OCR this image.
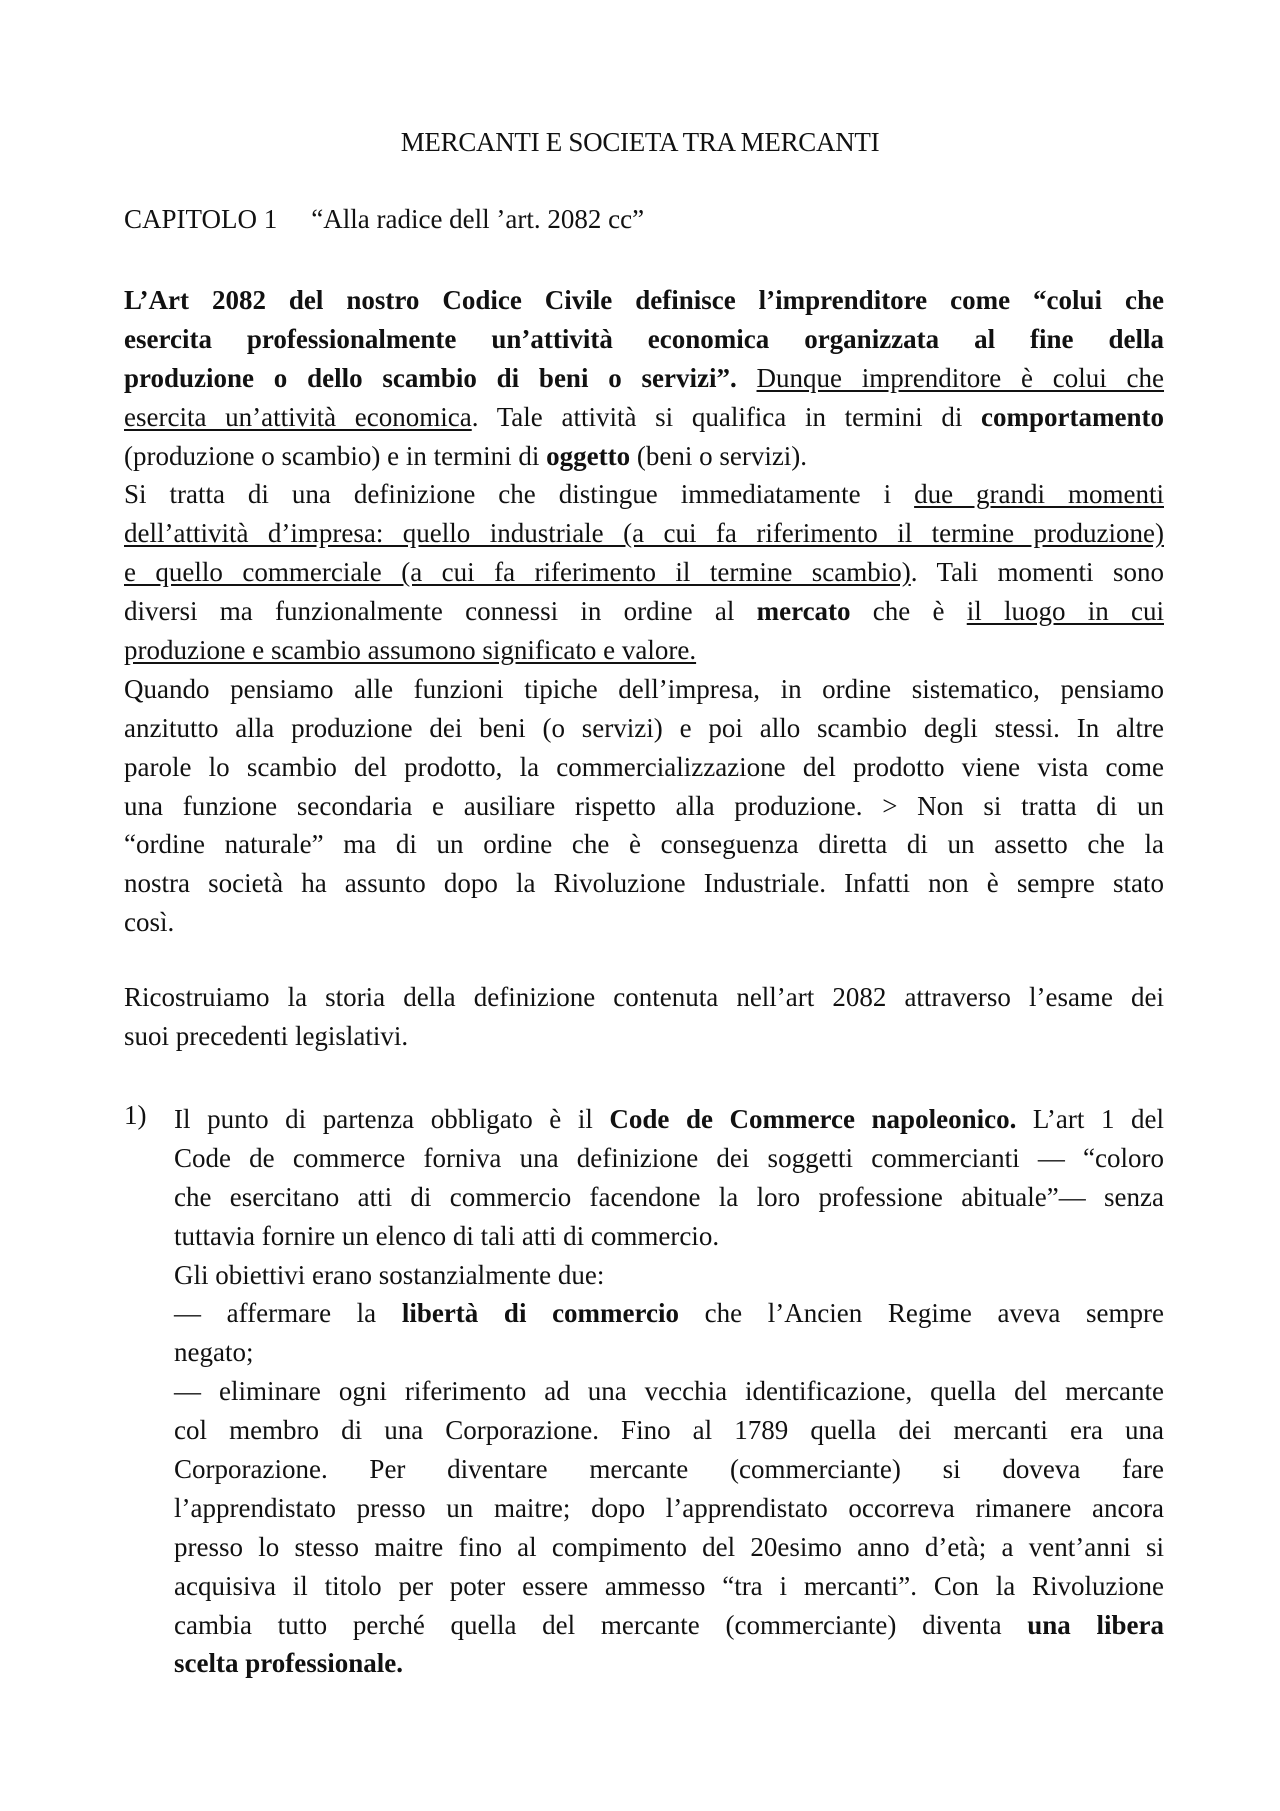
MERCANTI E SOCIETA TRA MERCANTI
CAPITOLO 1 “Alla radice dell ’art. 2082 cc”
L’Art 2082 del nostro Codice Civile definisce l’imprenditore come “colui che
esercita professionalmente un’attività economica organizzata al fine della
produzione o dello scambio di beni o servizi”. Dunque imprenditore è colui che
esercita un’attività economica. Tale attività si qualifica in termini di comportamento
(produzione o scambio) e in termini di oggetto (beni o servizi).
Si tratta di una definizione che distingue immediatamente i due grandi momenti
dell’attività d’impresa: quello industriale (a cui fa riferimento il termine produzione)
e quello commerciale (a cui fa riferimento il termine scambio). Tali momenti sono
diversi ma funzionalmente connessi in ordine al mercato che è il luogo in cui
produzione e scambio assumono significato e valore.
Quando pensiamo alle funzioni tipiche dell’impresa, in ordine sistematico, pensiamo
anzitutto alla produzione dei beni (o servizi) e poi allo scambio degli stessi. In altre
parole lo scambio del prodotto, la commercializzazione del prodotto viene vista come
una funzione secondaria e ausiliare rispetto alla produzione. > Non si tratta di un
“ordine naturale” ma di un ordine che è conseguenza diretta di un assetto che la
nostra società ha assunto dopo la Rivoluzione Industriale. Infatti non è sempre stato
così.
Ricostruiamo la storia della definizione contenuta nell’art 2082 attraverso l’esame dei
suoi precedenti legislativi.
1) Il punto di partenza obbligato è il Code de Commerce napoleonico. L’art 1 del
Code de commerce forniva una definizione dei soggetti commercianti — “coloro
che esercitano atti di commercio facendone la loro professione abituale”— senza
tuttavia fornire un elenco di tali atti di commercio.
Gli obiettivi erano sostanzialmente due:
— affermare la libertà di commercio che l’Ancien Regime aveva sempre
negato;
— eliminare ogni riferimento ad una vecchia identificazione, quella del mercante
col membro di una Corporazione. Fino al 1789 quella dei mercanti era una
Corporazione. Per diventare mercante (commerciante) si doveva fare
l’apprendistato presso un maitre; dopo l’apprendistato occorreva rimanere ancora
presso lo stesso maitre fino al compimento del 20esimo anno d’età; a vent’anni si
acquisiva il titolo per poter essere ammesso “tra i mercanti”. Con la Rivoluzione
cambia tutto perché quella del mercante (commerciante) diventa una libera
scelta professionale.
